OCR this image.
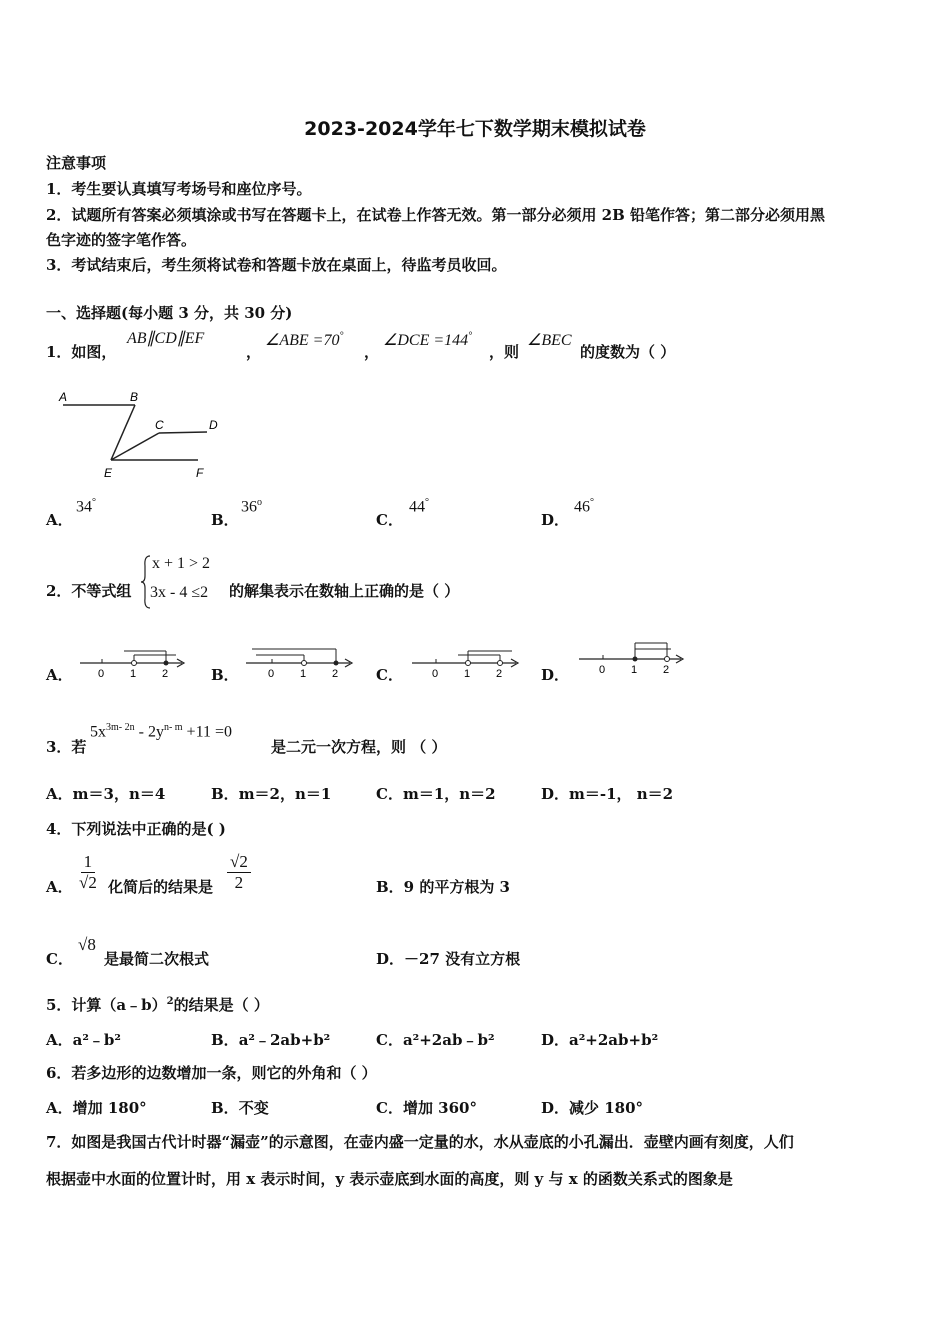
2023-2024学年七下数学期末模拟试卷
注意事项
1．考生要认真填写考场号和座位序号。
2．试题所有答案必须填涂或书写在答题卡上，在试卷上作答无效。第一部分必须用 2B 铅笔作答；第二部分必须用黑
色字迹的签字笔作答。
3．考试结束后，考生须将试卷和答题卡放在桌面上，待监考员收回。
一、选择题(每小题 3 分，共 30 分)
1．如图，
AB∥CD∥EF
，
∠ABE =70°
，
∠DCE =144°
，则
∠BEC
的度数为（ ）
A	B
C	D
E	F
A．
34°
B．
36$^o$
C．
44°
D．
46°
2．不等式组
x + 1 > 2
3x - 4 ≤2 的解集表示在数轴上正确的是（ ）
A． 0 1 2	B．	0 1 2	C．	0 1 2	D．	0 1 2
3．若
$5x^{3m- 2n} - 2y^{n- m} +11 =0$
是二元一次方程，则 （ ）
A．m＝3，n＝4	B．m＝2，n＝1	C．m＝1，n＝2	D．m＝-1， n＝2
4．下列说法中正确的是( )
A． $\frac{1}{√2}$ 化简后的结果是 $\frac{√2}{2}$	B．9 的平方根为 3
C．
√8
是最简二次根式	D．－27 没有立方根
5．计算（a﹣b）$^2$的结果是（ ）
A．a²﹣b²	B．a²﹣2ab+b²	C．a²+2ab﹣b²	D．a²+2ab+b²
6．若多边形的边数增加一条，则它的外角和（ ）
A．增加 180°	B．不变	C．增加 360°	D．减少 180°
7．如图是我国古代计时器“漏壶”的示意图，在壶内盛一定量的水，水从壶底的小孔漏出．壶壁内画有刻度，人们
根据壶中水面的位置计时，用 x 表示时间，y 表示壶底到水面的高度，则 y 与 x 的函数关系式的图象是
